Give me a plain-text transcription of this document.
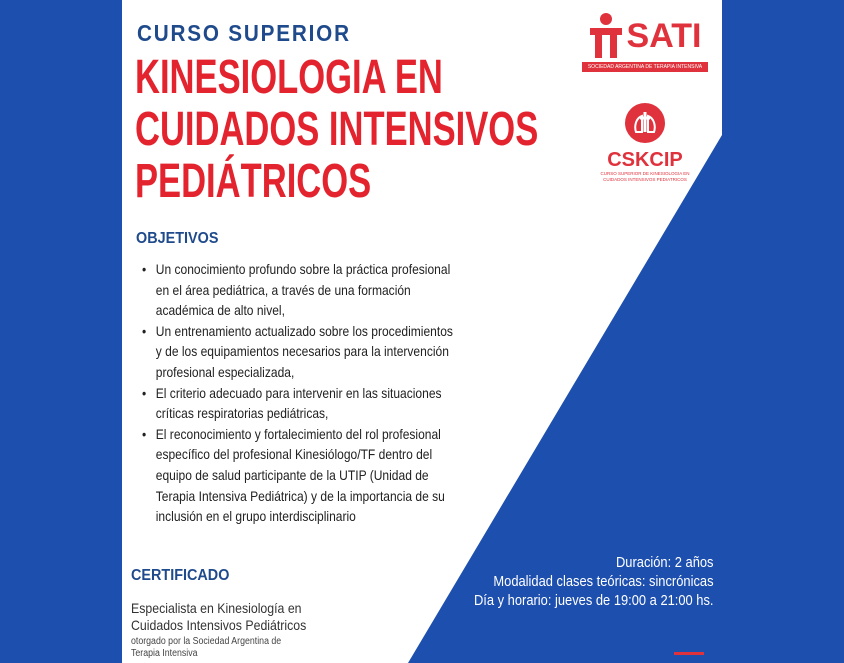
CURSO SUPERIOR
KINESIOLOGIA EN
CUIDADOS INTENSIVOS
PEDIÁTRICOS
SATI
SOCIEDAD ARGENTINA DE TERAPIA INTENSIVA
CSKCIP
CURSO SUPERIOR DE KINESIOLOGIA EN CUIDADOS INTENSIVOS PEDIATRICOS
OBJETIVOS
• Un conocimiento profundo sobre la práctica profesional
en el área pediátrica, a través de una formación
académica de alto nivel,
• Un entrenamiento actualizado sobre los procedimientos
y de los equipamientos necesarios para la intervención
profesional especializada,
• El criterio adecuado para intervenir en las situaciones
críticas respiratorias pediátricas,
• El reconocimiento y fortalecimiento del rol profesional
específico del profesional Kinesiólogo/TF dentro del
equipo de salud participante de la UTIP (Unidad de
Terapia Intensiva Pediátrica) y de la importancia de su
inclusión en el grupo interdisciplinario
CERTIFICADO
Especialista en Kinesiología en
Cuidados Intensivos Pediátricos
otorgado por la Sociedad Argentina de
Terapia Intensiva
Duración: 2 años
Modalidad clases teóricas: sincrónicas
Día y horario: jueves de 19:00 a 21:00 hs.
